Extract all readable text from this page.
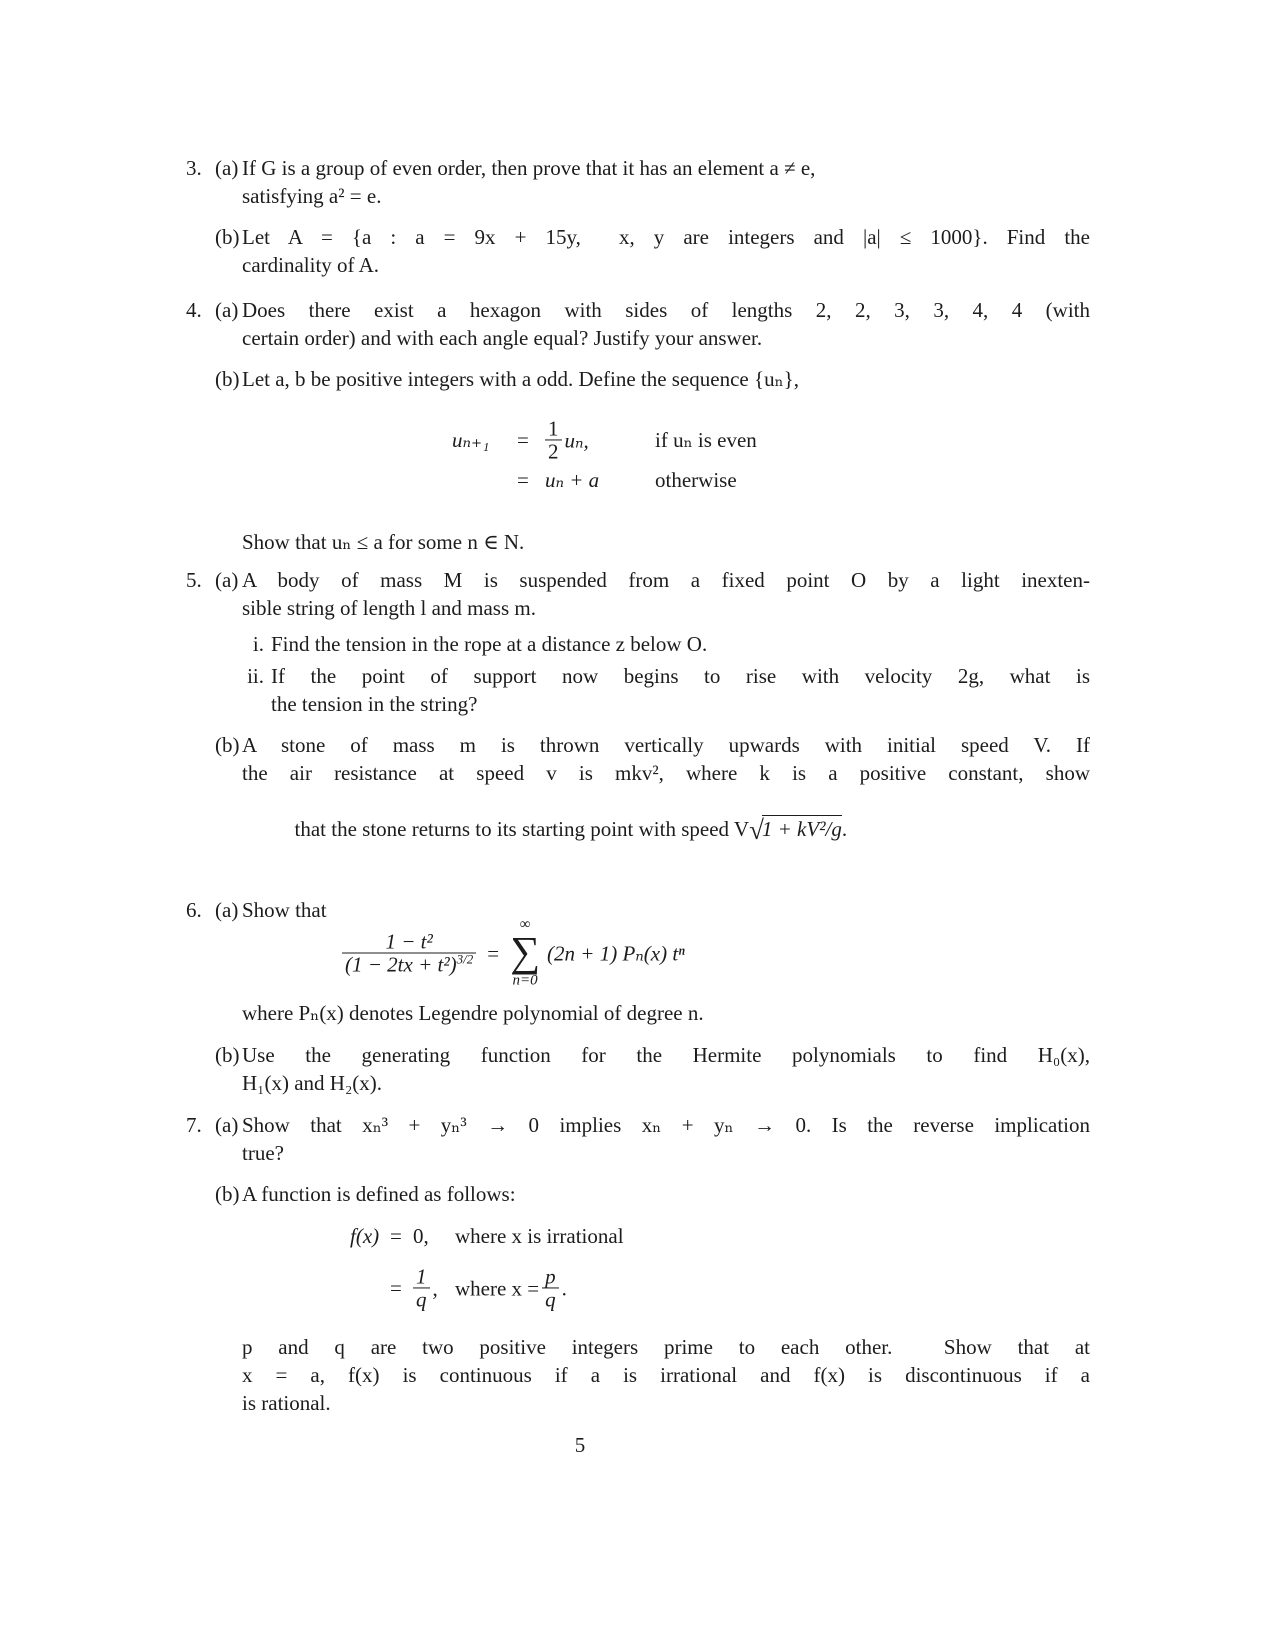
3. (a) If G is a group of even order, then prove that it has an element a ≠ e,
satisfying a² = e.
(b) Let A = {a : a = 9x + 15y,  x, y are integers and |a| ≤ 1000}. Find the
cardinality of A.
4. (a) Does there exist a hexagon with sides of lengths 2, 2, 3, 3, 4, 4 (with
certain order) and with each angle equal? Justify your answer.
(b) Let a, b be positive integers with a odd. Define the sequence {uₙ},
$u_{n+1} = \frac{1}{2} u_n$,	if uₙ is even
= uₙ + a	otherwise
Show that uₙ ≤ a for some n ∈ N.
5. (a) A body of mass M is suspended from a fixed point O by a light inexten-
sible string of length l and mass m.
i. Find the tension in the rope at a distance z below O.
ii. If the point of support now begins to rise with velocity 2g, what is
the tension in the string?
(b) A stone of mass m is thrown vertically upwards with initial speed V. If
the air resistance at speed v is mkv², where k is a positive constant, show

that the stone returns to its starting point with speed V√1 + kV²/g.

6. (a) Show that
$\frac{\text{1 − t²}}{(1 - 2tx + t^2)^{3/2}}$ =
∞
∑
n=0
(2n + 1) Pₙ(x) tⁿ
where Pₙ(x) denotes Legendre polynomial of degree n.
(b) Use the generating function for the Hermite polynomials to find H₀(x),
H₁(x) and H₂(x).
7. (a) Show that xₙ³ + yₙ³ → 0 implies xₙ + yₙ → 0. Is the reverse implication
true?
(b) A function is defined as follows:
f(x) = 0, where x is irrational
= $\frac{1}{q}$ , where $x = \frac{p}{q}$ .
p and q are two positive integers prime to each other.  Show that at
x = a, f(x) is continuous if a is irrational and f(x) is discontinuous if a
is rational.
5
